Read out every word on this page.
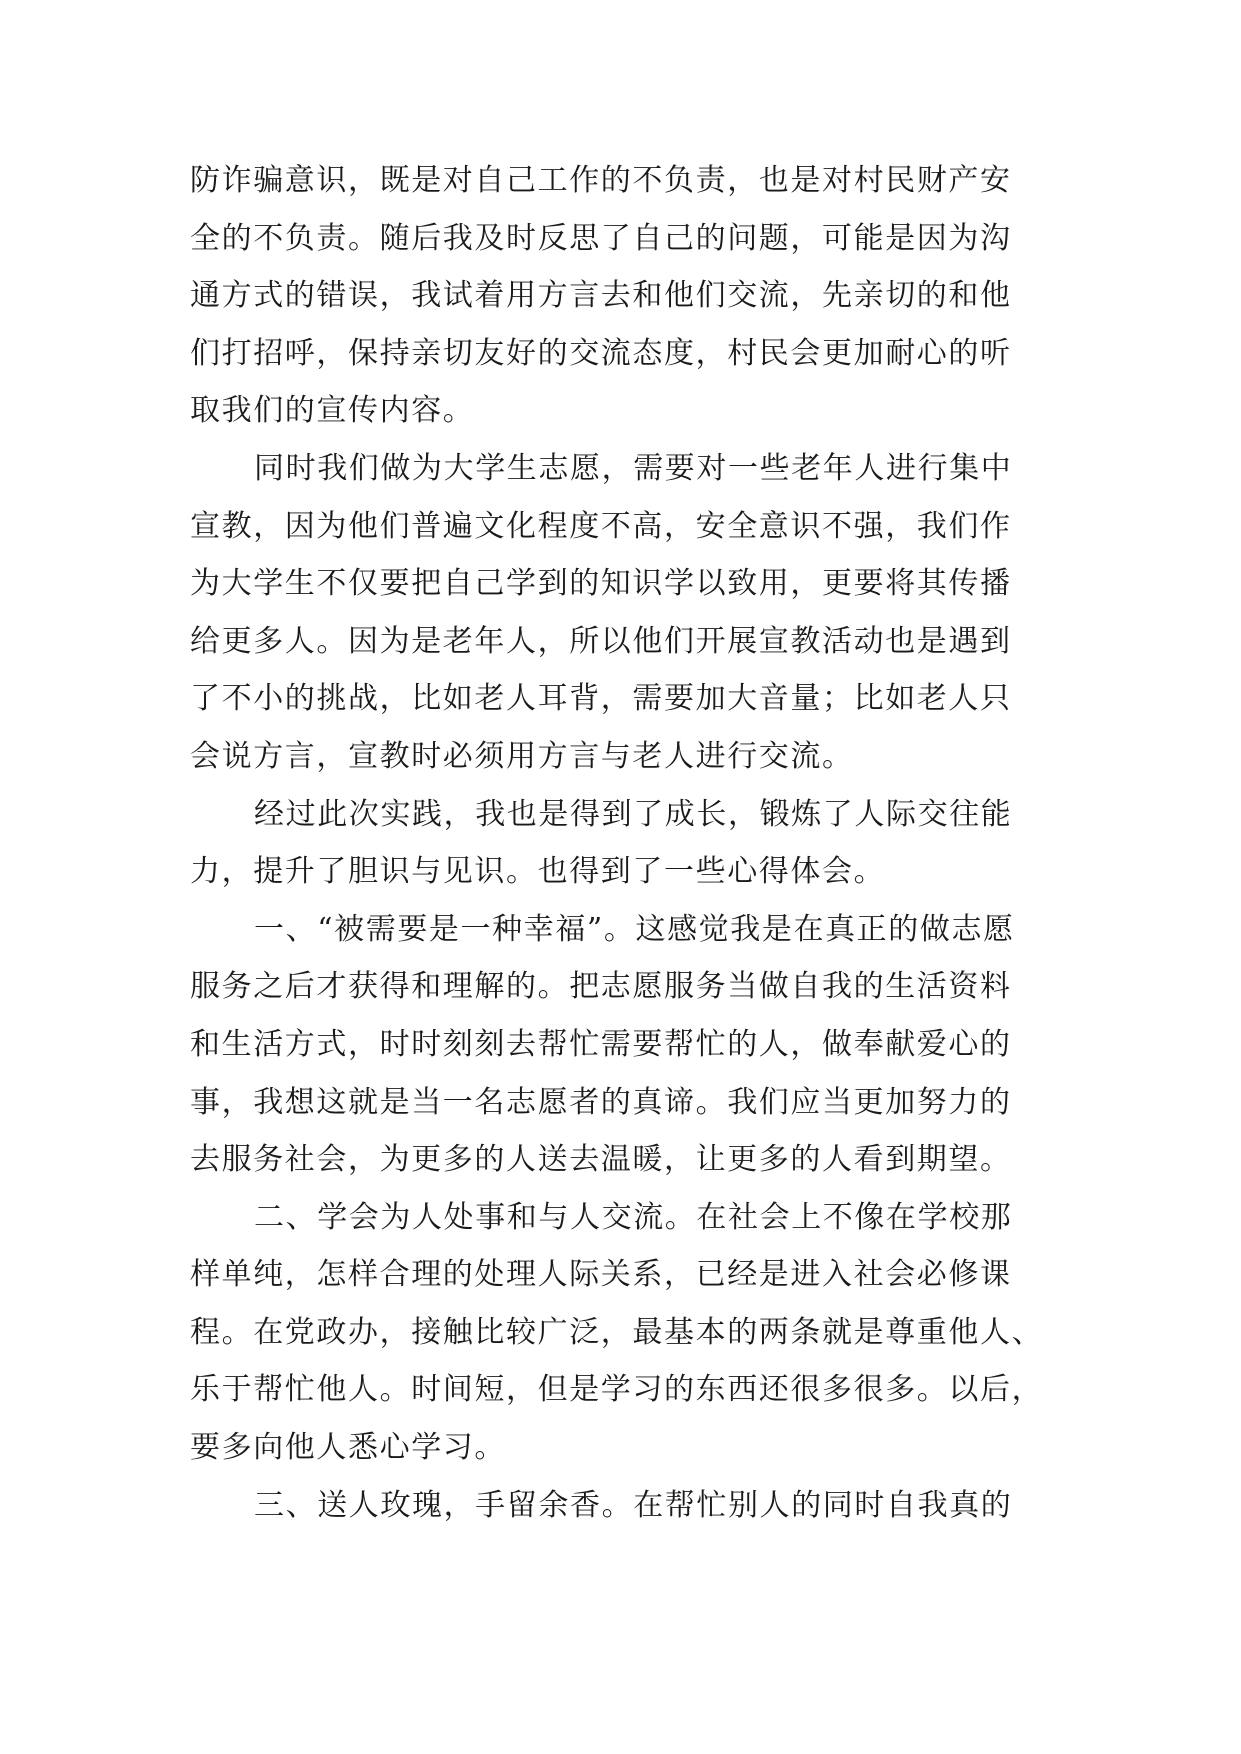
防诈骗意识，既是对自己工作的不负责，也是对村民财产安
全的不负责。随后我及时反思了自己的问题，可能是因为沟
通方式的错误，我试着用方言去和他们交流，先亲切的和他
们打招呼，保持亲切友好的交流态度，村民会更加耐心的听
取我们的宣传内容。
同时我们做为大学生志愿，需要对一些老年人进行集中
宣教，因为他们普遍文化程度不高，安全意识不强，我们作
为大学生不仅要把自己学到的知识学以致用，更要将其传播
给更多人。因为是老年人，所以他们开展宣教活动也是遇到
了不小的挑战，比如老人耳背，需要加大音量；比如老人只
会说方言，宣教时必须用方言与老人进行交流。
经过此次实践，我也是得到了成长，锻炼了人际交往能
力，提升了胆识与见识。也得到了一些心得体会。
一、“被需要是一种幸福”。这感觉我是在真正的做志愿
服务之后才获得和理解的。把志愿服务当做自我的生活资料
和生活方式，时时刻刻去帮忙需要帮忙的人，做奉献爱心的
事，我想这就是当一名志愿者的真谛。我们应当更加努力的
去服务社会，为更多的人送去温暖，让更多的人看到期望。
二、学会为人处事和与人交流。在社会上不像在学校那
样单纯，怎样合理的处理人际关系，已经是进入社会必修课
程。在党政办，接触比较广泛，最基本的两条就是尊重他人、
乐于帮忙他人。时间短，但是学习的东西还很多很多。以后，
要多向他人悉心学习。
三、送人玫瑰，手留余香。在帮忙别人的同时自我真的
